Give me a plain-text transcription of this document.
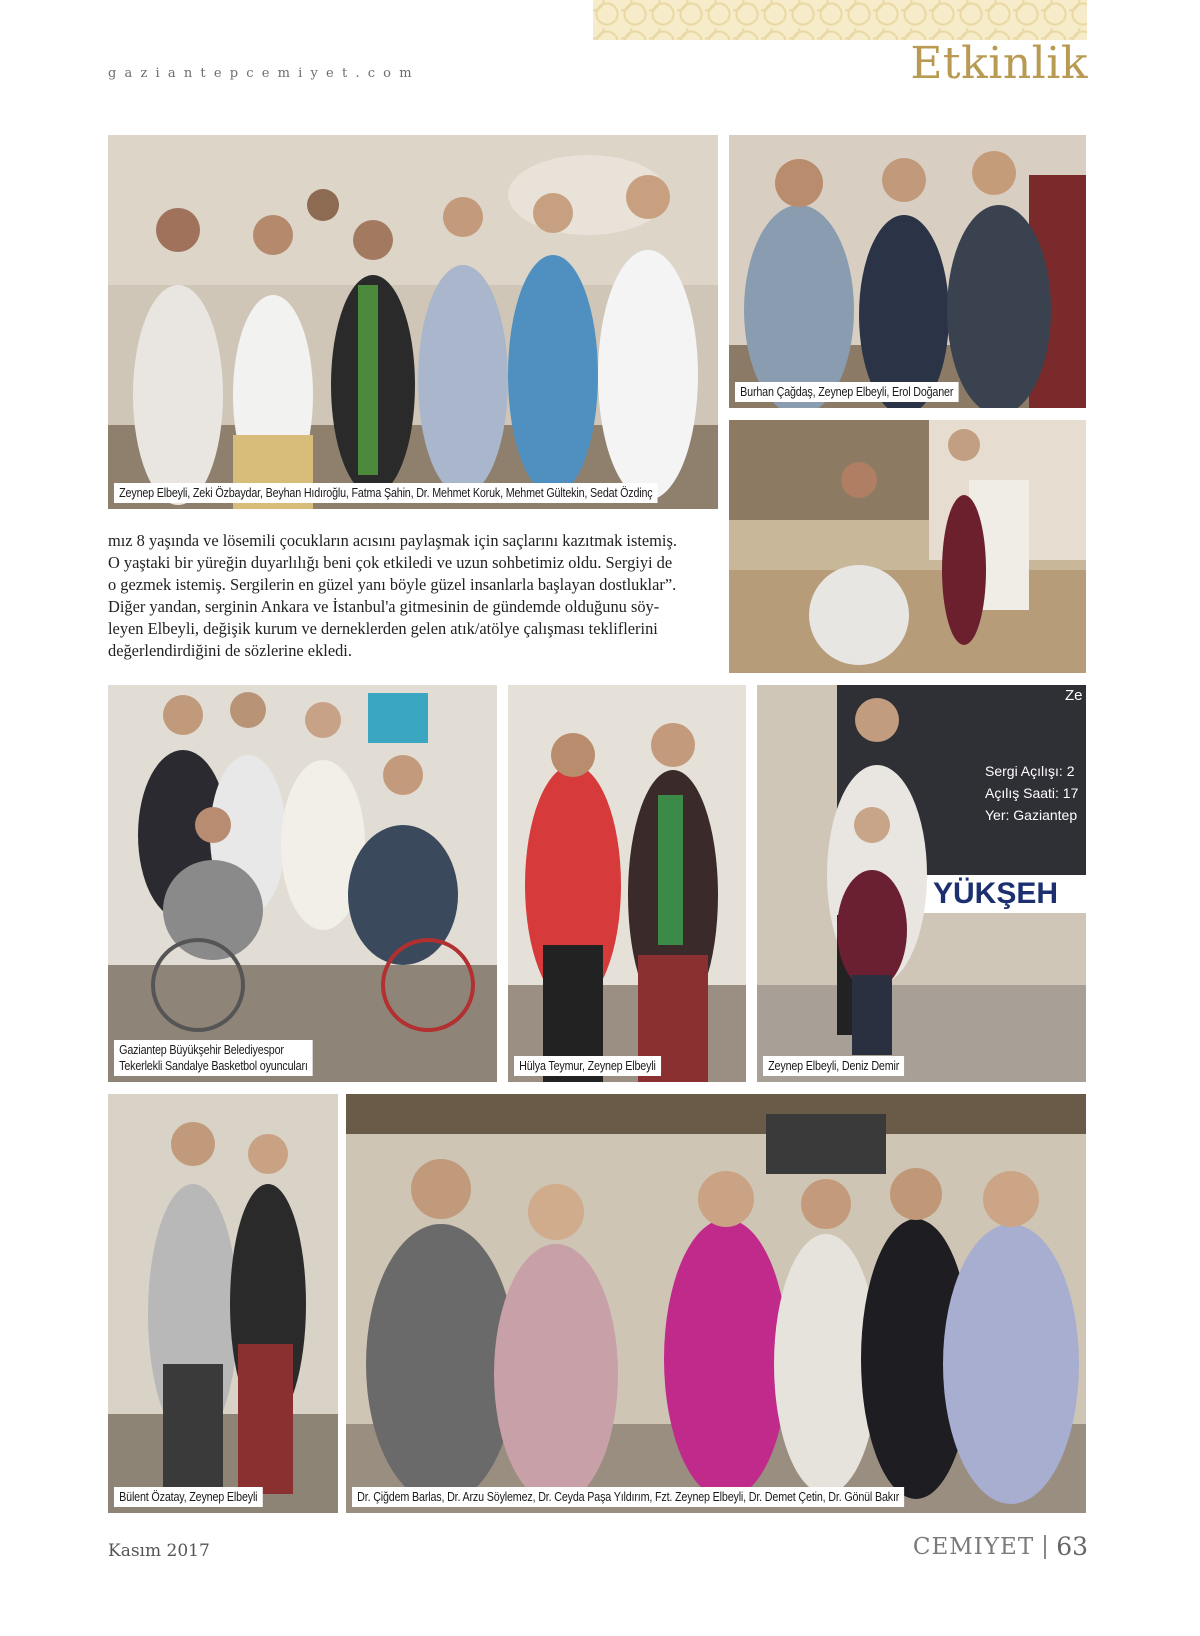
gaziantepcemiyet.com	Etkinlik
Zeynep Elbeyli, Zeki Özbaydar, Beyhan Hıdıroğlu, Fatma Şahin, Dr. Mehmet Koruk, Mehmet Gültekin, Sedat Özdinç
Burhan Çağdaş, Zeynep Elbeyli, Erol Doğaner

mız 8 yaşında ve lösemili çocukların acısını paylaşmak için saçlarını kazıtmak istemiş.

O yaştaki bir yüreğin duyarlılığı beni çok etkiledi ve uzun sohbetimiz oldu. Sergiyi de

o gezmek istemiş. Sergilerin en güzel yanı böyle güzel insanlarla başlayan dostluklar”.

Diğer yandan, serginin Ankara ve İstanbul'a gitmesinin de gündemde olduğunu söy-

leyen Elbeyli, değişik kurum ve derneklerden gelen atık/atölye çalışması tekliflerini

değerlendirdiğini de sözlerine ekledi.

Gaziantep Büyükşehir Belediyespor
Tekerlekli Sandalye Basketbol oyuncuları	Hülya Teymur, Zeynep Elbeyli
Ze
Sergi Açılışı: 2
Açılış Saati: 17
Yer: Gaziantep
YÜKŞEH
Zeynep Elbeyli, Deniz Demir
Bülent Özatay, Zeynep Elbeyli	Dr. Çiğdem Barlas, Dr. Arzu Söylemez, Dr. Ceyda Paşa Yıldırım, Fzt. Zeynep Elbeyli, Dr. Demet Çetin, Dr. Gönül Bakır
Kasım 2017	CEMIYET 63
